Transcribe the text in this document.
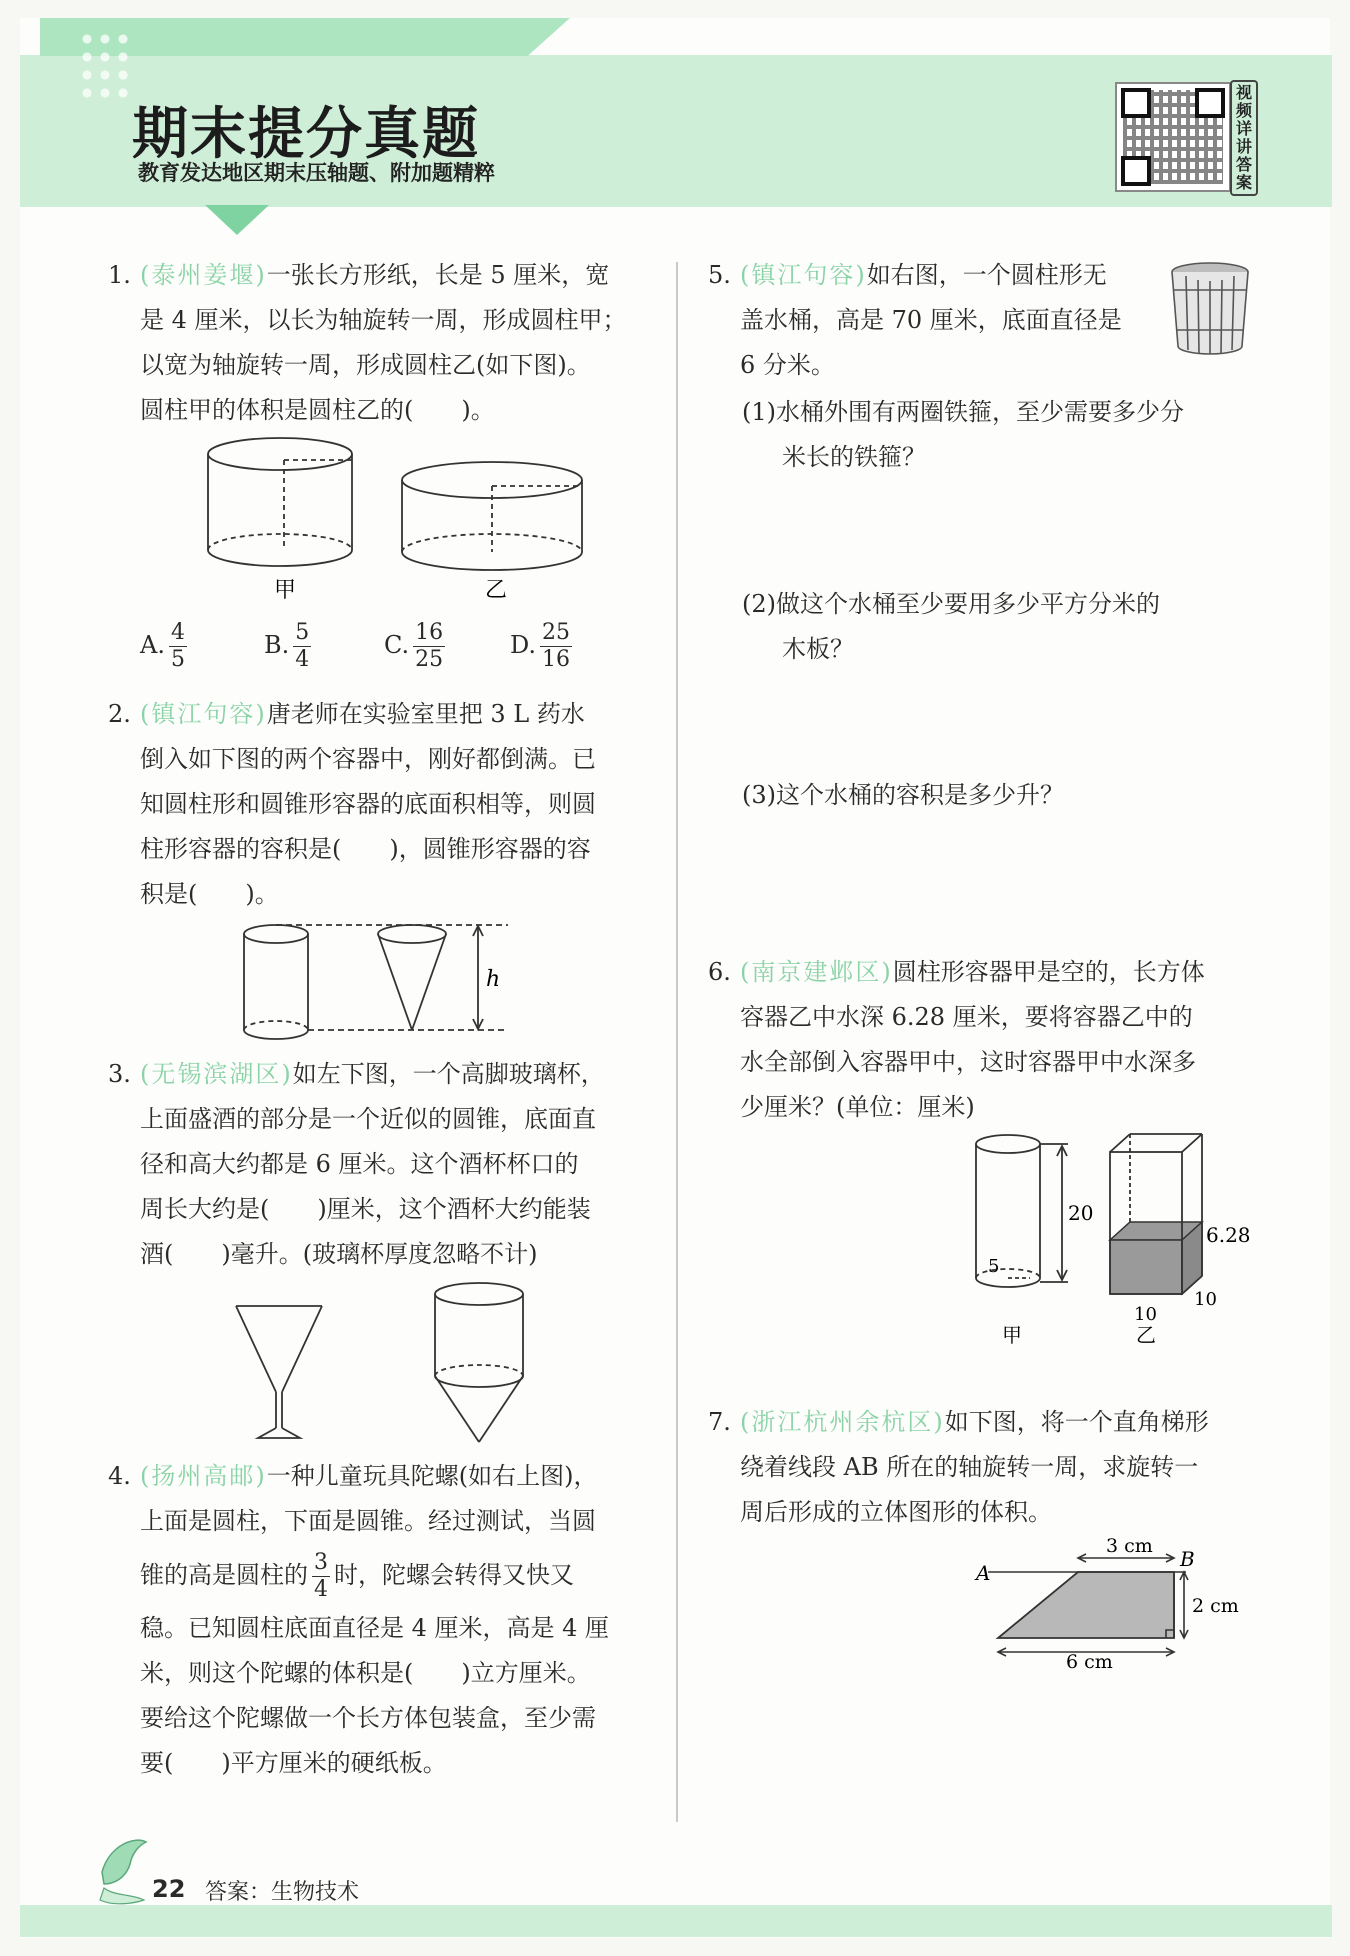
期末提分真题
教育发达地区期末压轴题、附加题精粹
视
频
详
讲
答
案
1. (泰州姜堰)一张长方形纸，长是 5 厘米，宽
是 4 厘米，以长为轴旋转一周，形成圆柱甲；
以宽为轴旋转一周，形成圆柱乙(如下图)。
圆柱甲的体积是圆柱乙的(　　)。
甲	乙
A. $\frac{4}{5}$	B. $\frac{5}{4}$	C. $\frac{16}{25}$	D. $\frac{25}{16}$
2. (镇江句容)唐老师在实验室里把 3 L 药水
倒入如下图的两个容器中，刚好都倒满。已
知圆柱形和圆锥形容器的底面积相等，则圆
柱形容器的容积是(　　)，圆锥形容器的容
积是(　　)。
h
3. (无锡滨湖区)如左下图，一个高脚玻璃杯，
上面盛酒的部分是一个近似的圆锥，底面直
径和高大约都是 6 厘米。这个酒杯杯口的
周长大约是(　　)厘米，这个酒杯大约能装
酒(　　)毫升。(玻璃杯厚度忽略不计)
4. (扬州高邮)一种儿童玩具陀螺(如右上图)，
上面是圆柱，下面是圆锥。经过测试，当圆
锥的高是圆柱的 $\frac{3}{4}$ 时，陀螺会转得又快又
稳。已知圆柱底面直径是 4 厘米，高是 4 厘
米，则这个陀螺的体积是(　　)立方厘米。
要给这个陀螺做一个长方体包装盒，至少需
要(　　)平方厘米的硬纸板。
5. (镇江句容)如右图，一个圆柱形无
盖水桶，高是 70 厘米，底面直径是
6 分米。
(1)水桶外围有两圈铁箍，至少需要多少分
米长的铁箍？
(2)做这个水桶至少要用多少平方分米的
木板？
(3)这个水桶的容积是多少升？
6. (南京建邺区)圆柱形容器甲是空的，长方体
容器乙中水深 6.28 厘米，要将容器乙中的
水全部倒入容器甲中，这时容器甲中水深多
少厘米？(单位：厘米)
20
5
6.28
10
10
甲	乙
7. (浙江杭州余杭区)如下图，将一个直角梯形
绕着线段 AB 所在的轴旋转一周，求旋转一
周后形成的立体图形的体积。
A
B
3 cm
2 cm
6 cm
22 答案：生物技术
